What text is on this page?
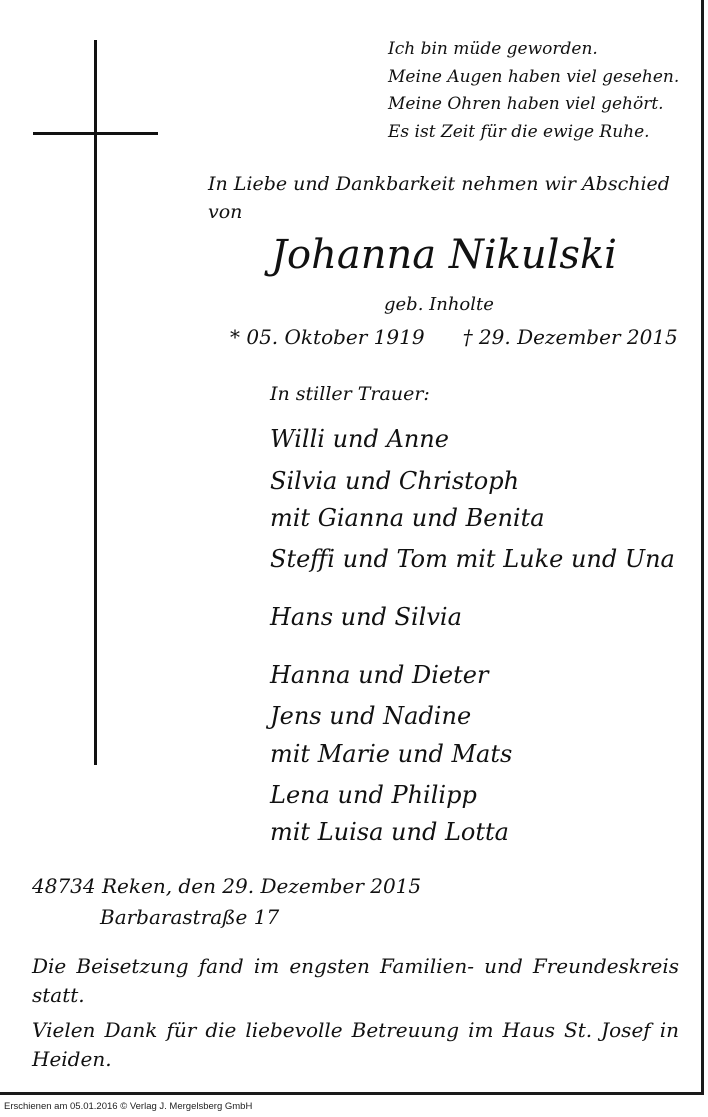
Ich bin müde geworden.
Meine Augen haben viel gesehen.
Meine Ohren haben viel gehört.
Es ist Zeit für die ewige Ruhe.
In Liebe und Dankbarkeit nehmen wir Abschied
von
Johanna Nikulski
geb. Inholte
* 05. Oktober 1919 † 29. Dezember 2015
In stiller Trauer:
Willi und Anne
Silvia und Christoph
mit Gianna und Benita
Steffi und Tom mit Luke und Una
Hans und Silvia
Hanna und Dieter
Jens und Nadine
mit Marie und Mats
Lena und Philipp
mit Luisa und Lotta
48734 Reken, den 29. Dezember 2015
Barbarastraße 17
Die Beisetzung fand im engsten Familien- und Freundeskreis statt.
Vielen Dank für die liebevolle Betreuung im Haus St. Josef in Heiden.
Erschienen am 05.01.2016 © Verlag J. Mergelsberg GmbH
